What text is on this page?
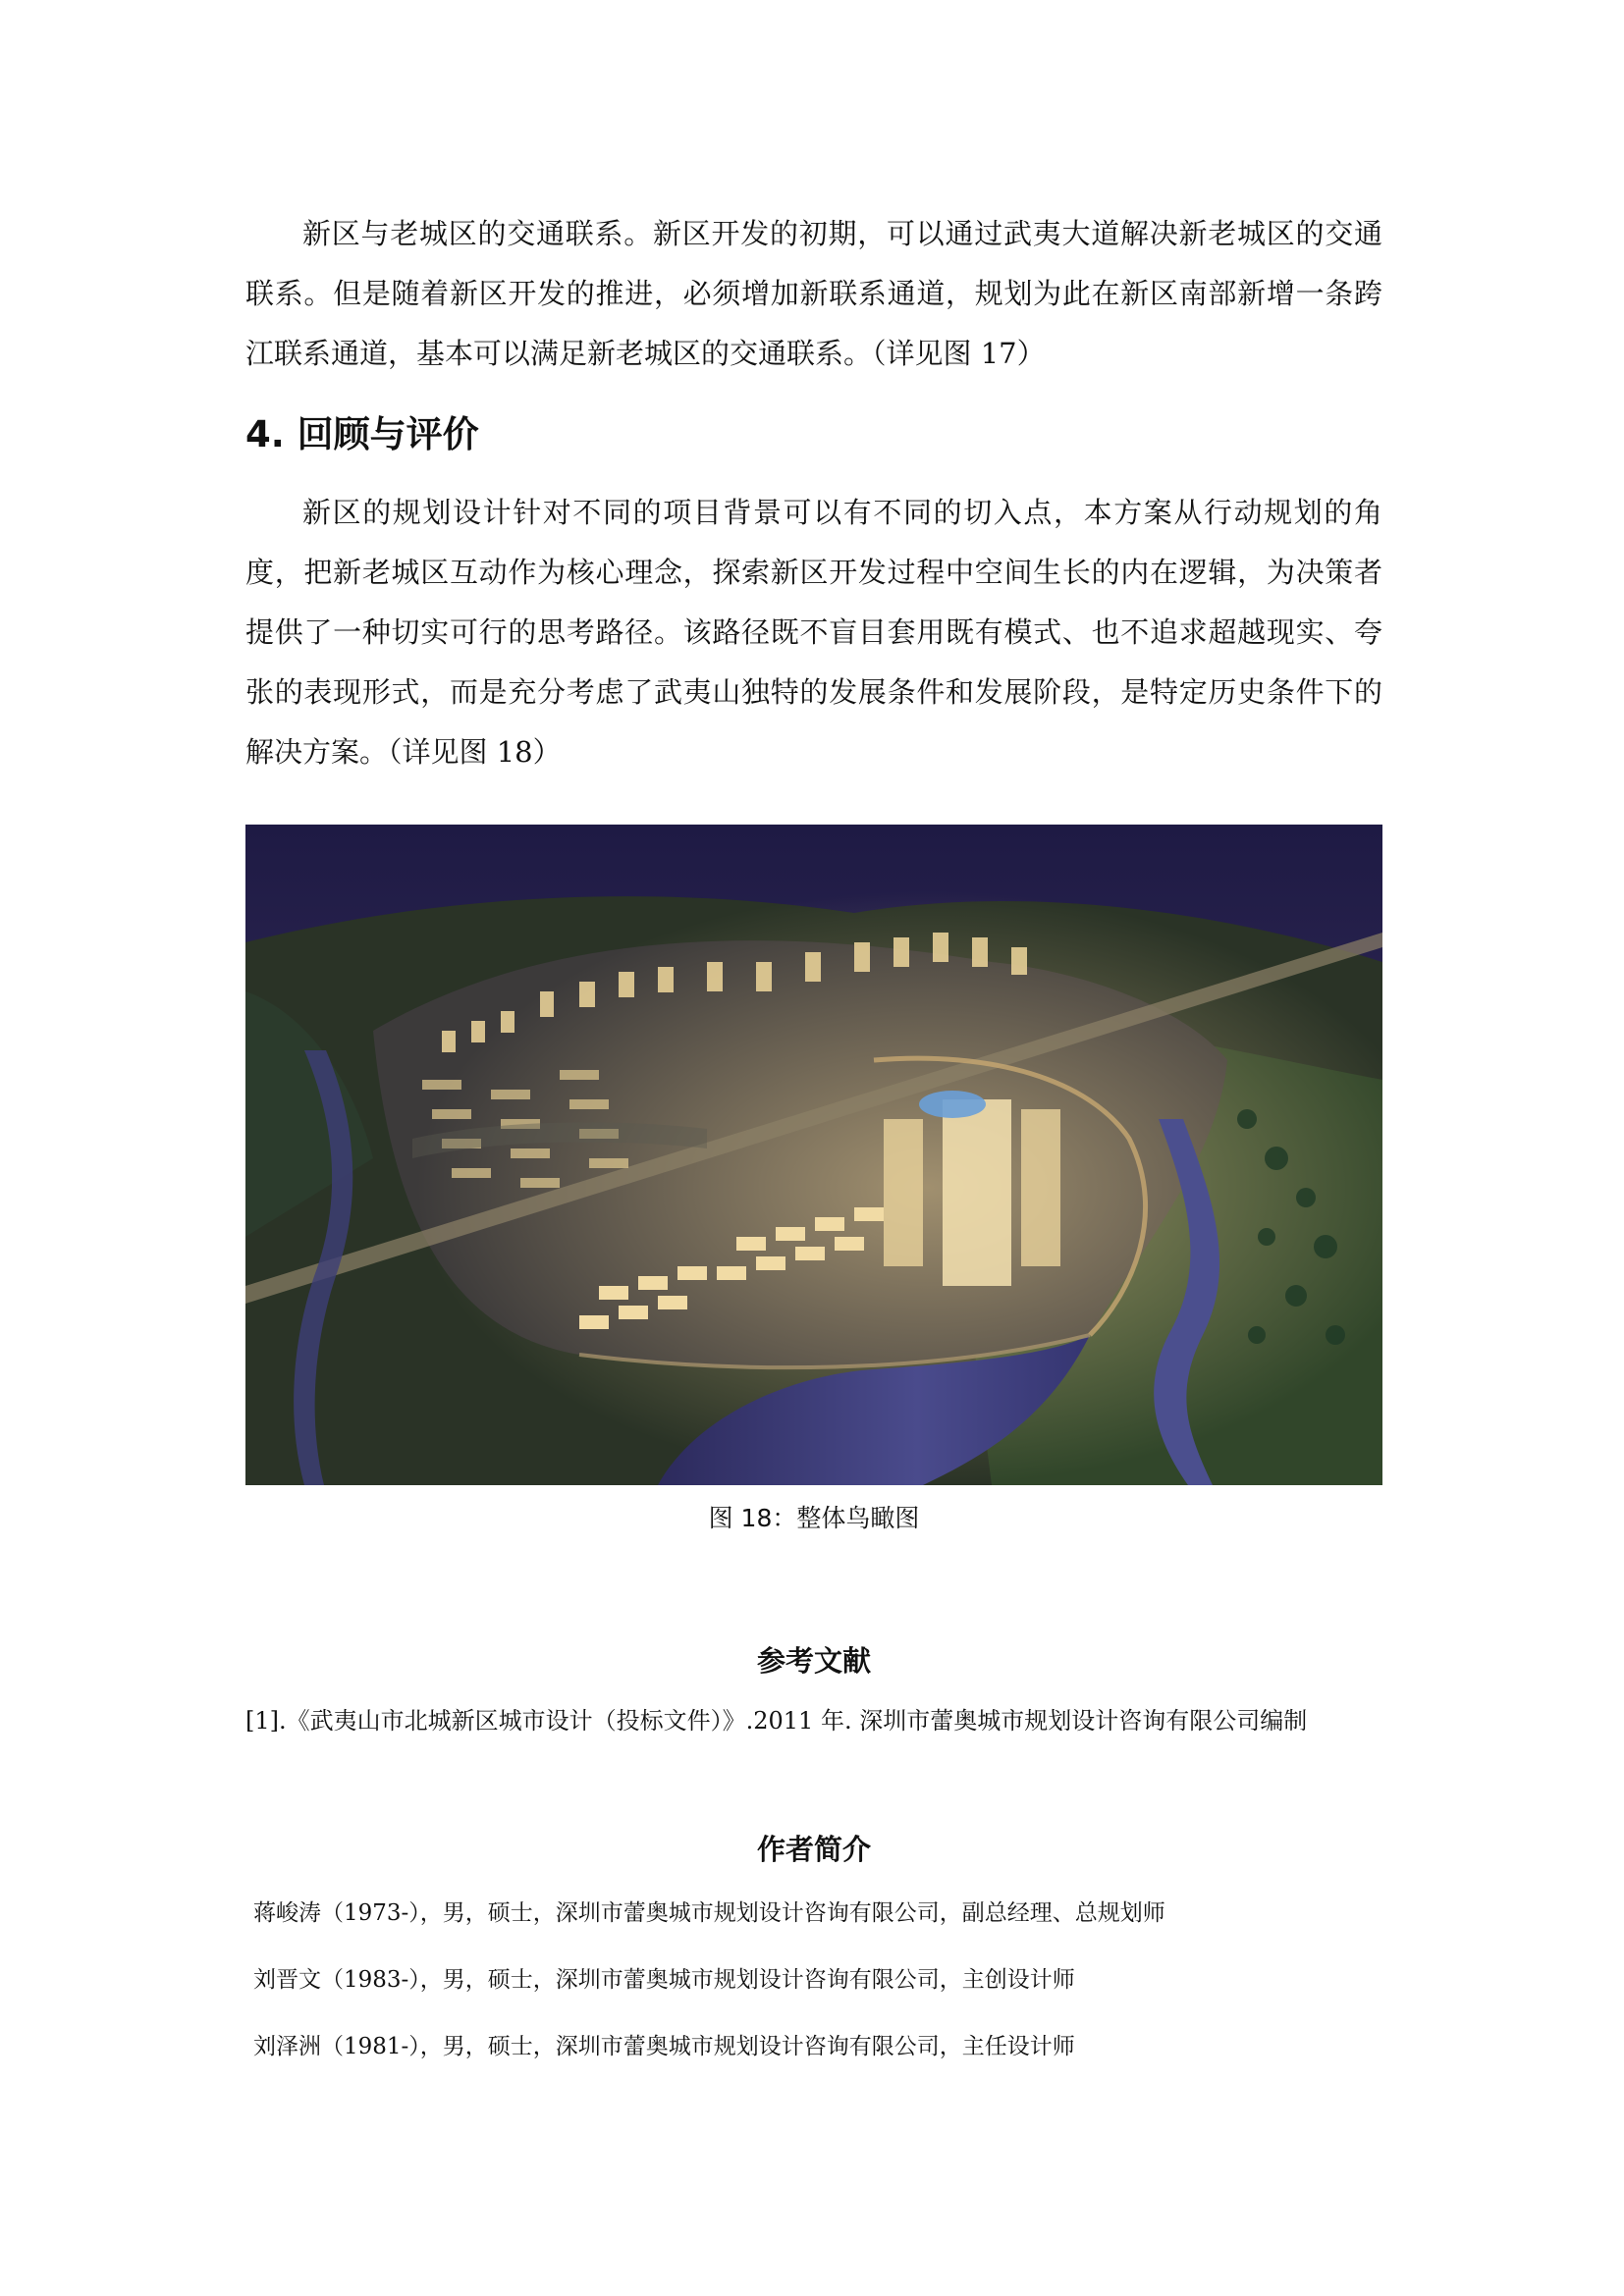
新区与老城区的交通联系。新区开发的初期，可以通过武夷大道解决新老城区的交通联系。但是随着新区开发的推进，必须增加新联系通道，规划为此在新区南部新增一条跨江联系通道，基本可以满足新老城区的交通联系。（详见图 17）

4. 回顾与评价

新区的规划设计针对不同的项目背景可以有不同的切入点，本方案从行动规划的角度，把新老城区互动作为核心理念，探索新区开发过程中空间生长的内在逻辑，为决策者提供了一种切实可行的思考路径。该路径既不盲目套用既有模式、也不追求超越现实、夸张的表现形式，而是充分考虑了武夷山独特的发展条件和发展阶段，是特定历史条件下的解决方案。（详见图 18）

图 18：整体鸟瞰图
参考文献
[1].《武夷山市北城新区城市设计（投标文件）》.2011 年. 深圳市蕾奥城市规划设计咨询有限公司编制
作者简介
蒋峻涛（1973-），男，硕士，深圳市蕾奥城市规划设计咨询有限公司，副总经理、总规划师
刘晋文（1983-），男，硕士，深圳市蕾奥城市规划设计咨询有限公司，主创设计师
刘泽洲（1981-），男，硕士，深圳市蕾奥城市规划设计咨询有限公司，主任设计师
